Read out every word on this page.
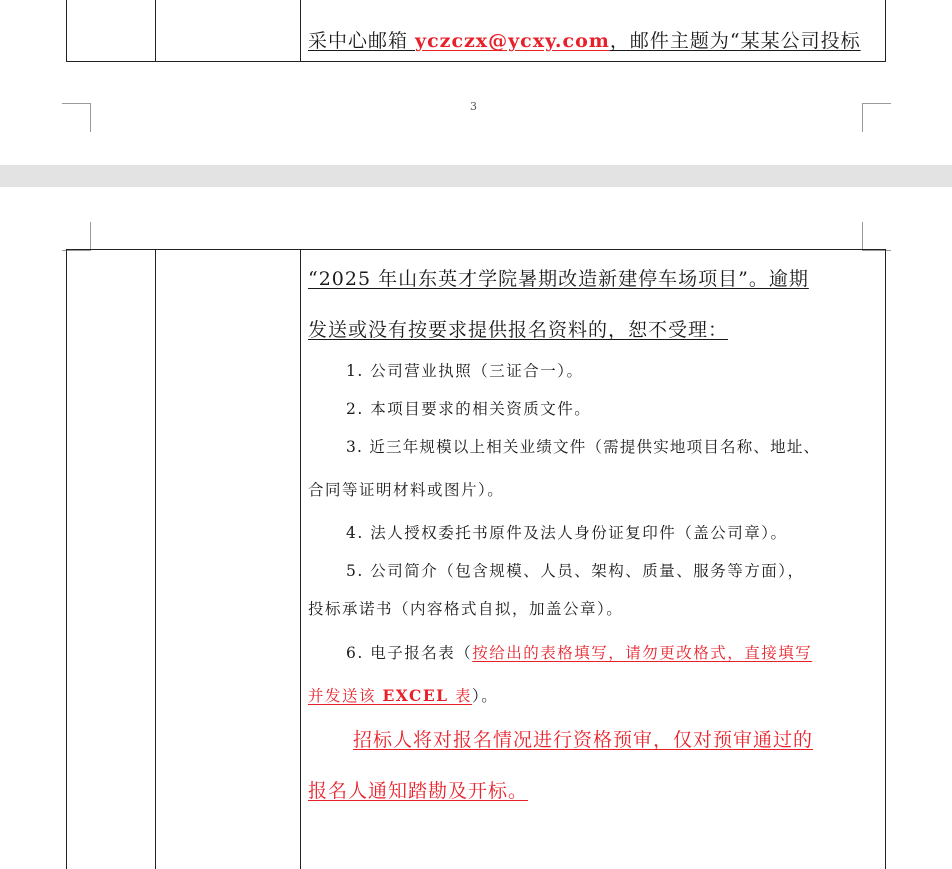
采中心邮箱 yczczx@ycxy.com，邮件主题为“某某公司投标
3
“2025 年山东英才学院暑期改造新建停车场项目”。逾期
发送或没有按要求提供报名资料的，恕不受理：
1. 公司营业执照（三证合一）。
2. 本项目要求的相关资质文件。
3. 近三年规模以上相关业绩文件（需提供实地项目名称、地址、
合同等证明材料或图片）。
4. 法人授权委托书原件及法人身份证复印件（盖公司章）。
5. 公司简介（包含规模、人员、架构、质量、服务等方面），
投标承诺书（内容格式自拟，加盖公章）。
6. 电子报名表（按给出的表格填写，请勿更改格式，直接填写
并发送该 EXCEL 表）。
招标人将对报名情况进行资格预审，仅对预审通过的
报名人通知踏勘及开标。
